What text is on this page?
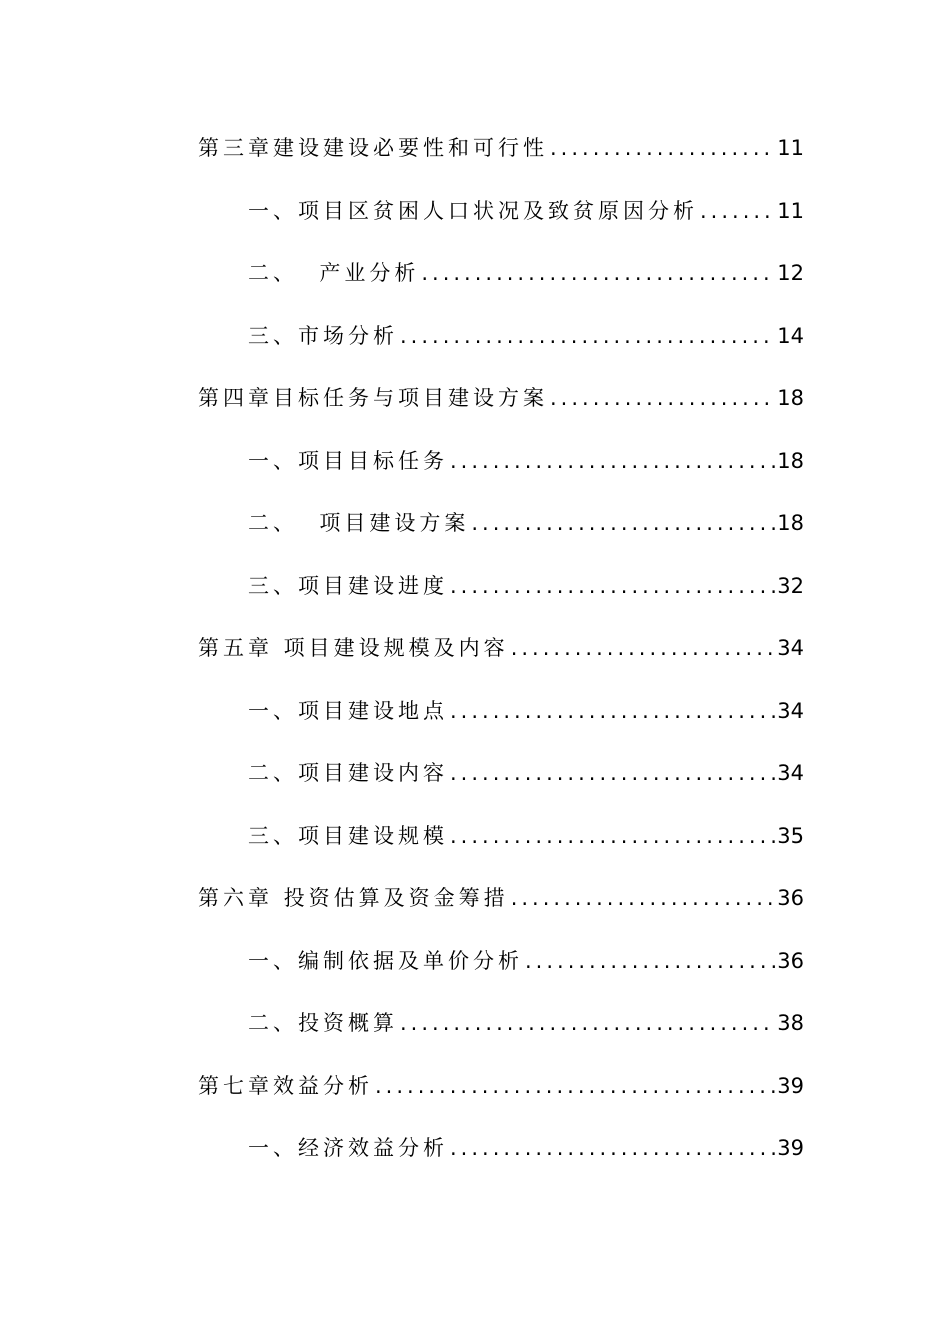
第三章建设建设必要性和可行性 .....	11
一、项目区贫困人口状况及致贫原因分析 .....	11
二、  产业分析 .....	12
三、市场分析 .....	14
第四章目标任务与项目建设方案 .....	18
一、项目目标任务 .....	18
二、  项目建设方案 .....	18
三、项目建设进度 .....	32
第五章 项目建设规模及内容 .....	34
一、项目建设地点 .....	34
二、项目建设内容 .....	34
三、项目建设规模 .....	35
第六章 投资估算及资金筹措 .....	36
一、编制依据及单价分析 .....	36
二、投资概算 .....	38
第七章效益分析 .....	39
一、经济效益分析 .....	39
